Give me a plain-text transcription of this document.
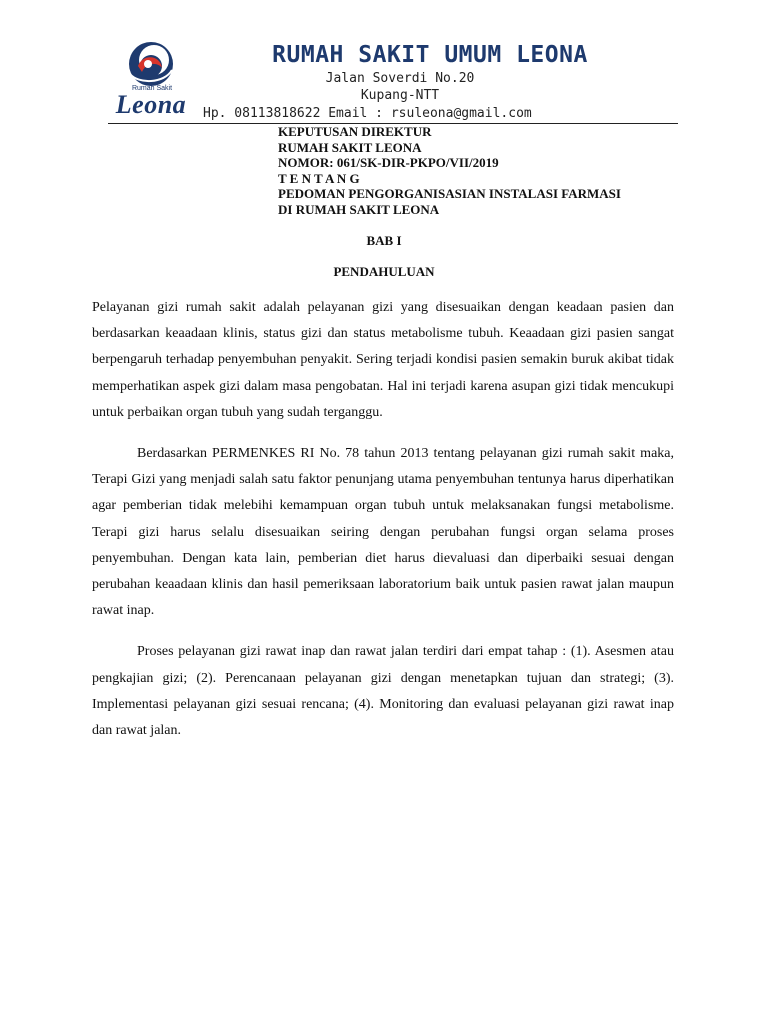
Rumah Sakit
Leona
RUMAH SAKIT UMUM LEONA
Jalan Soverdi No.20
Kupang-NTT
Hp. 08113818622 Email : rsuleona@gmail.com
KEPUTUSAN DIREKTUR
RUMAH SAKIT LEONA
NOMOR: 061/SK-DIR-PKPO/VII/2019
T E N T A N G
PEDOMAN PENGORGANISASIAN INSTALASI FARMASI
DI RUMAH SAKIT LEONA
BAB I
PENDAHULUAN

Pelayanan gizi rumah sakit adalah pelayanan gizi yang disesuaikan dengan keadaan pasien dan berdasarkan keaadaan klinis, status gizi dan status metabolisme tubuh. Keaadaan gizi pasien sangat berpengaruh terhadap penyembuhan penyakit. Sering terjadi kondisi pasien semakin buruk akibat tidak memperhatikan aspek gizi dalam masa pengobatan. Hal ini terjadi karena asupan gizi tidak mencukupi untuk perbaikan organ tubuh yang sudah terganggu.

Berdasarkan PERMENKES RI No. 78 tahun 2013 tentang pelayanan gizi rumah sakit maka, Terapi Gizi yang menjadi salah satu faktor penunjang utama penyembuhan tentunya harus diperhatikan agar pemberian tidak melebihi kemampuan organ tubuh untuk melaksanakan fungsi metabolisme. Terapi gizi harus selalu disesuaikan seiring dengan perubahan fungsi organ selama proses penyembuhan. Dengan kata lain, pemberian diet harus dievaluasi dan diperbaiki sesuai dengan perubahan keaadaan klinis dan hasil pemeriksaan laboratorium baik untuk pasien rawat jalan maupun rawat inap.

Proses pelayanan gizi rawat inap dan rawat jalan terdiri dari empat tahap : (1). Asesmen atau pengkajian gizi; (2). Perencanaan pelayanan gizi dengan menetapkan tujuan dan strategi; (3). Implementasi pelayanan gizi sesuai rencana; (4). Monitoring dan evaluasi pelayanan gizi rawat inap dan rawat jalan.
